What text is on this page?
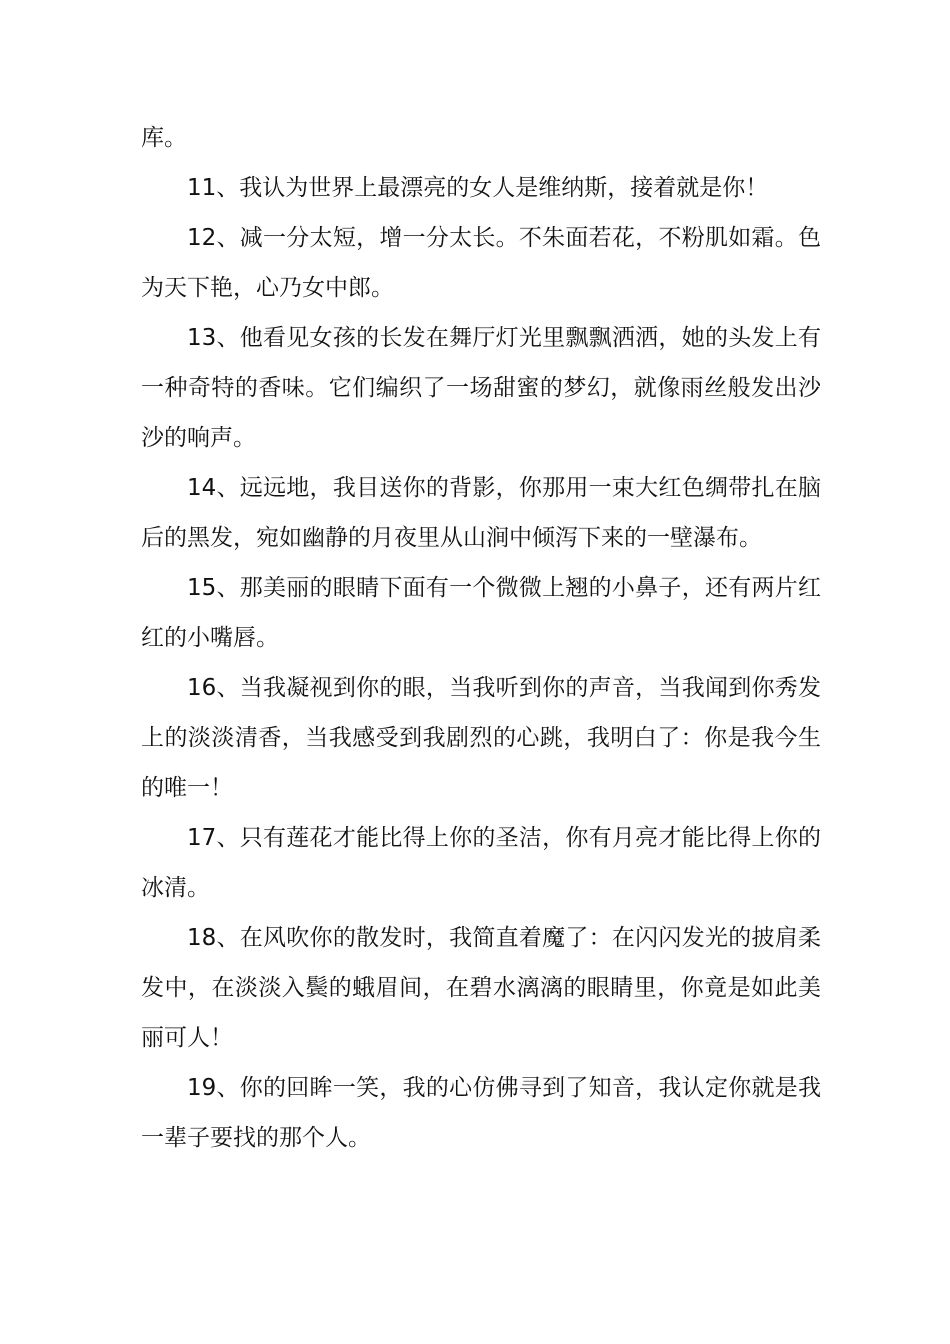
库。

11、我认为世界上最漂亮的女人是维纳斯，接着就是你！

12、减一分太短，增一分太长。不朱面若花，不粉肌如霜。色为天下艳，心乃女中郎。

13、他看见女孩的长发在舞厅灯光里飘飘洒洒，她的头发上有一种奇特的香味。它们编织了一场甜蜜的梦幻，就像雨丝般发出沙沙的响声。

14、远远地，我目送你的背影，你那用一束大红色绸带扎在脑后的黑发，宛如幽静的月夜里从山涧中倾泻下来的一壁瀑布。

15、那美丽的眼睛下面有一个微微上翘的小鼻子，还有两片红红的小嘴唇。

16、当我凝视到你的眼，当我听到你的声音，当我闻到你秀发上的淡淡清香，当我感受到我剧烈的心跳，我明白了：你是我今生的唯一！

17、只有莲花才能比得上你的圣洁，你有月亮才能比得上你的冰清。

18、在风吹你的散发时，我简直着魔了：在闪闪发光的披肩柔发中，在淡淡入鬓的蛾眉间，在碧水漓漓的眼睛里，你竟是如此美丽可人！

19、你的回眸一笑，我的心仿佛寻到了知音，我认定你就是我一辈子要找的那个人。
